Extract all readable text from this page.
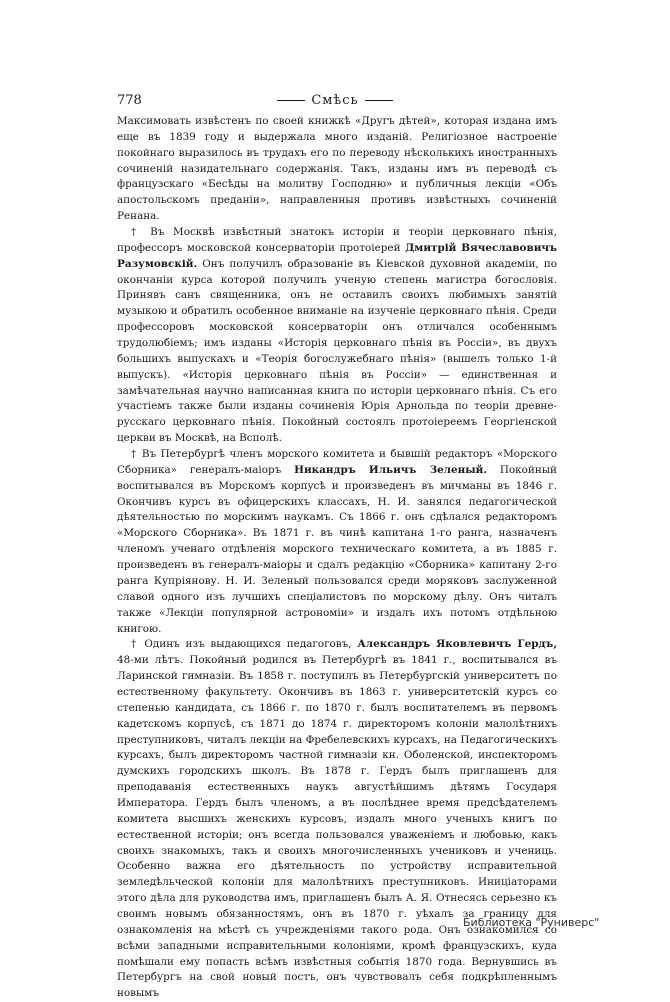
778	Смѣсь

Максимовать извѣстенъ по своей книжкѣ «Другъ дѣтей», которая издана имъ еще въ 1839 году и выдержала много изданій. Религіозное настроеніе покойнаго выразилось въ трудахъ его по переводу нѣсколькихъ иностранныхъ сочиненій назидательнаго содержанія. Такъ, изданы имъ въ переводѣ съ французскаго «Бесѣды на молитву Господню» и публичныя лекціи «Объ апостольскомъ преданіи», направленныя противъ извѣстныхъ сочиненій Ренана.

† Въ Москвѣ извѣстный знатокъ исторіи и теоріи церковнаго пѣнія, профессоръ московской консерваторіи протоіерей Дмитрій Вячеславовичъ Разумовскій. Онъ получилъ образованіе въ Кіевской духовной академіи, по окончаніи курса которой получилъ ученую степень магистра богословія. Принявъ санъ священника, онъ не оставилъ своихъ любимыхъ занятій музыкою и обратилъ особенное вниманіе на изученіе церковнаго пѣнія. Среди профессоровъ московской консерваторіи онъ отличался особеннымъ трудолюбіемъ; имъ изданы «Исторія церковнаго пѣнія въ Россіи», въ двухъ большихъ выпускахъ и «Теорія богослужебнаго пѣнія» (вышелъ только 1-й выпускъ). «Исторія церковнаго пѣнія въ Россіи» — единственная и замѣчательная научно написанная книга по исторіи церковнаго пѣнія. Съ его участіемъ также были изданы сочиненія Юрія Арнольда по теоріи древне-русскаго церковнаго пѣнія. Покойный состоялъ протоіереемъ Георгіенской церкви въ Москвѣ, на Всполѣ.

† Въ Петербургѣ членъ морского комитета и бывшій редакторъ «Морского Сборника» генералъ-маіоръ Никандръ Ильичъ Зеленый. Покойный воспитывался въ Морскомъ корпусѣ и произведенъ въ мичманы въ 1846 г. Окончивъ курсъ въ офицерскихъ классахъ, Н. И. занялся педагогической дѣятельностью по морскимъ наукамъ. Съ 1866 г. онъ сдѣлался редакторомъ «Морского Сборника». Въ 1871 г. въ чинѣ капитана 1-го ранга, назначенъ членомъ ученаго отдѣленія морского техническаго комитета, а въ 1885 г. произведенъ въ генералъ-маіоры и сдалъ редакцію «Сборника» капитану 2-го ранга Купріянову. Н. И. Зеленый пользовался среди моряковъ заслуженной славой одного изъ лучшихъ спеціалистовъ по морскому дѣлу. Онъ читалъ также «Лекціи популярной астрономіи» и издалъ ихъ потомъ отдѣльною книгою.

† Одинъ изъ выдающихся педагоговъ, Александръ Яковлевичъ Гердъ, 48-ми лѣтъ. Покойный родился въ Петербургѣ въ 1841 г., воспитывался въ Ларинской гимназіи. Въ 1858 г. поступилъ въ Петербургскій университетъ по естественному факультету. Окончивъ въ 1863 г. университетскій курсъ со степенью кандидата, съ 1866 г. по 1870 г. былъ воспитателемъ въ первомъ кадетскомъ корпусѣ, съ 1871 до 1874 г. директоромъ колоніи малолѣтнихъ преступниковъ, читалъ лекціи на Фребелевскихъ курсахъ, на Педагогическихъ курсахъ, былъ директоромъ частной гимназіи кн. Оболенской, инспекторомъ думскихъ городскихъ школъ. Въ 1878 г. Гердъ былъ приглашенъ для преподаванія естественныхъ наукъ августѣйшимъ дѣтямъ Государя Императора. Гердъ былъ членомъ, а въ послѣднее время предсѣдателемъ комитета высшихъ женскихъ курсовъ, издалъ много ученыхъ книгъ по естественной исторіи; онъ всегда пользовался уваженіемъ и любовью, какъ своихъ знакомыхъ, такъ и своихъ многочисленныхъ учениковъ и учениць. Особенно важна его дѣятельность по устройству исправительной земледѣльческой колоніи для малолѣтнихъ преступниковъ. Иниціаторами этого дѣла для руководства имъ, приглашенъ былъ А. Я. Отнесясь серьезно къ своимъ новымъ обязанностямъ, онъ въ 1870 г. уѣхалъ за границу для ознакомленія на мѣстѣ съ учрежденіями такого рода. Онъ ознакомился со всѣми западными исправительными колоніями, кромѣ французскихъ, куда помѣшали ему попасть всѣмъ извѣстныя событія 1870 года. Вернувшись въ Петербургъ на свой новый постъ, онъ чувствовалъ себя подкрѣпленнымъ новымъ

Библиотека "Руниверс"
